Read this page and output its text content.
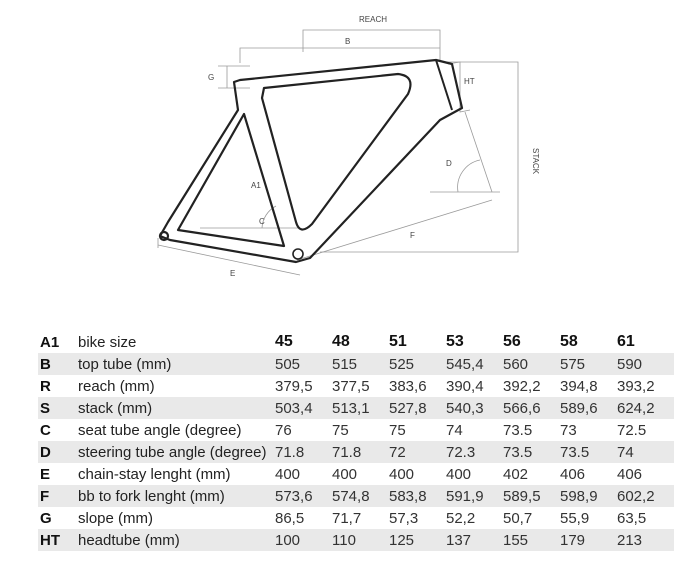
REACH
B
G	HT
STACK
D
A1
C
F
E
A1	bike size	45	48	51	53	56	58	61
B	top tube (mm)	505	515	525	545,4	560	575	590
R	reach (mm)	379,5	377,5	383,6	390,4	392,2	394,8	393,2
S	stack (mm)	503,4	513,1	527,8	540,3	566,6	589,6	624,2
C	seat tube angle (degree)	76	75	75	74	73.5	73	72.5
D	steering tube angle (degree)	71.8	71.8	72	72.3	73.5	73.5	74
E	chain-stay lenght (mm)	400	400	400	400	402	406	406
F	bb to fork lenght (mm)	573,6	574,8	583,8	591,9	589,5	598,9	602,2
G	slope (mm)	86,5	71,7	57,3	52,2	50,7	55,9	63,5
HT	headtube (mm)	100	110	125	137	155	179	213
